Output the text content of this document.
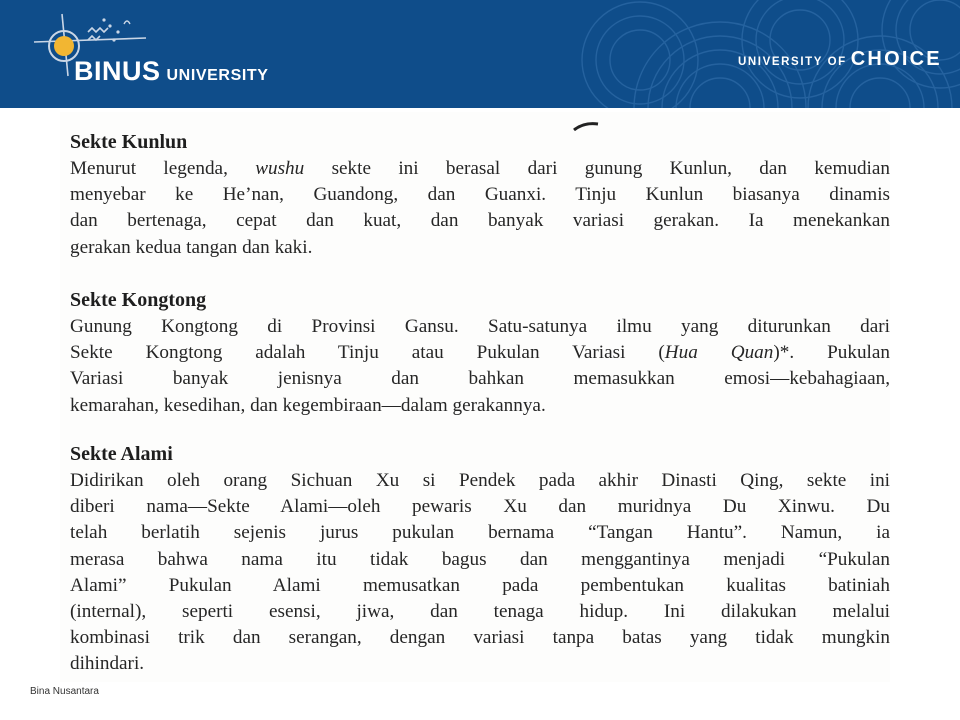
BINUS UNIVERSITY
UNIVERSITY OF CHOICE

Sekte Kunlun

Menurut legenda, wushu sekte ini berasal dari gunung Kunlun, dan kemudian
menyebar ke He’nan, Guandong, dan Guanxi. Tinju Kunlun biasanya dinamis
dan bertenaga, cepat dan kuat, dan banyak variasi gerakan. Ia menekankan
gerakan kedua tangan dan kaki.

Sekte Kongtong

Gunung Kongtong di Provinsi Gansu. Satu-satunya ilmu yang diturunkan dari
Sekte Kongtong adalah Tinju atau Pukulan Variasi (Hua Quan)*. Pukulan
Variasi banyak jenisnya dan bahkan memasukkan emosi—kebahagiaan,
kemarahan, kesedihan, dan kegembiraan—dalam gerakannya.

Sekte Alami

Didirikan oleh orang Sichuan Xu si Pendek pada akhir Dinasti Qing, sekte ini
diberi nama—Sekte Alami—oleh pewaris Xu dan muridnya Du Xinwu. Du
telah berlatih sejenis jurus pukulan bernama “Tangan Hantu”. Namun, ia
merasa bahwa nama itu tidak bagus dan menggantinya menjadi “Pukulan
Alami” Pukulan Alami memusatkan pada pembentukan kualitas batiniah
(internal), seperti esensi, jiwa, dan tenaga hidup. Ini dilakukan melalui
kombinasi trik dan serangan, dengan variasi tanpa batas yang tidak mungkin
dihindari.

Bina Nusantara
